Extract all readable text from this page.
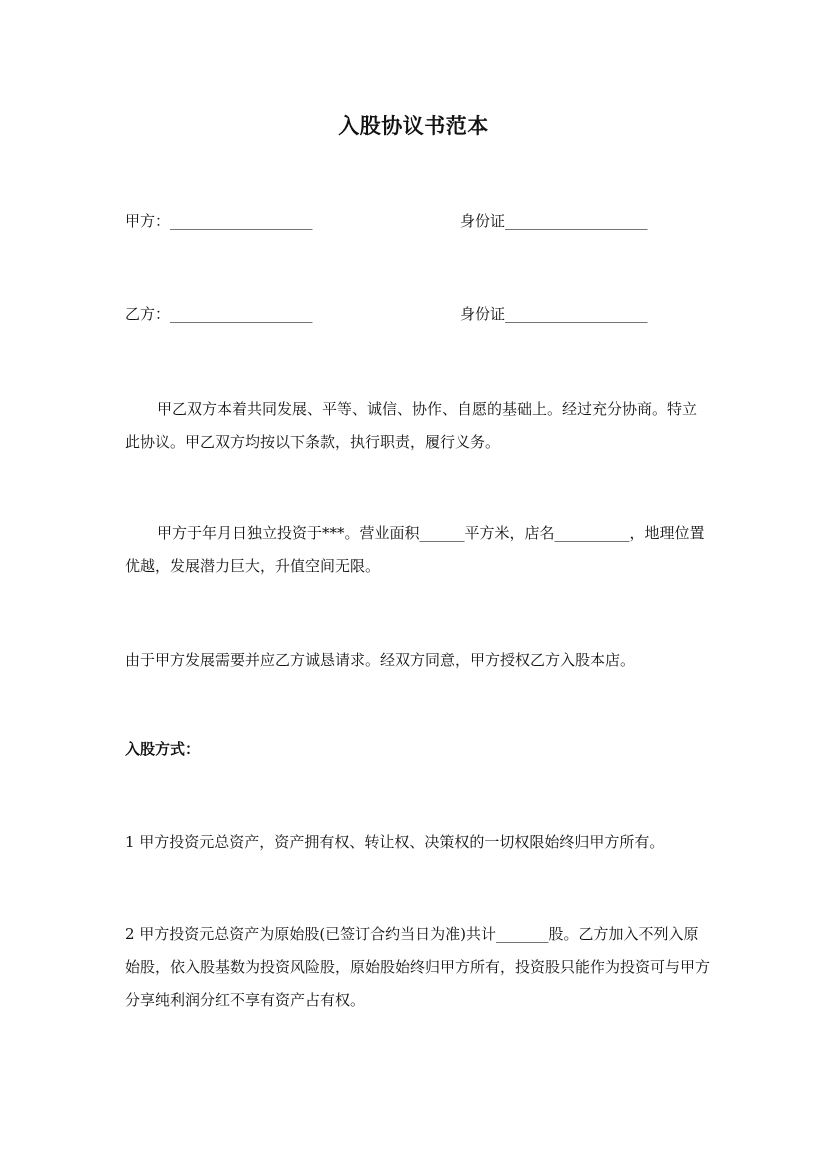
入股协议书范本
甲方：___________________	身份证___________________
乙方：___________________	身份证___________________
甲乙双方本着共同发展、平等、诚信、协作、自愿的基础上。经过充分协商。特立此协议。甲乙双方均按以下条款，执行职责，履行义务。
甲方于年月日独立投资于***。营业面积______平方米，店名__________，地理位置优越，发展潜力巨大，升值空间无限。
由于甲方发展需要并应乙方诚恳请求。经双方同意，甲方授权乙方入股本店。
入股方式：
1 甲方投资元总资产，资产拥有权、转让权、决策权的一切权限始终归甲方所有。
2 甲方投资元总资产为原始股(已签订合约当日为准)共计_______股。乙方加入不列入原始股，依入股基数为投资风险股，原始股始终归甲方所有，投资股只能作为投资可与甲方分享纯利润分红不享有资产占有权。
